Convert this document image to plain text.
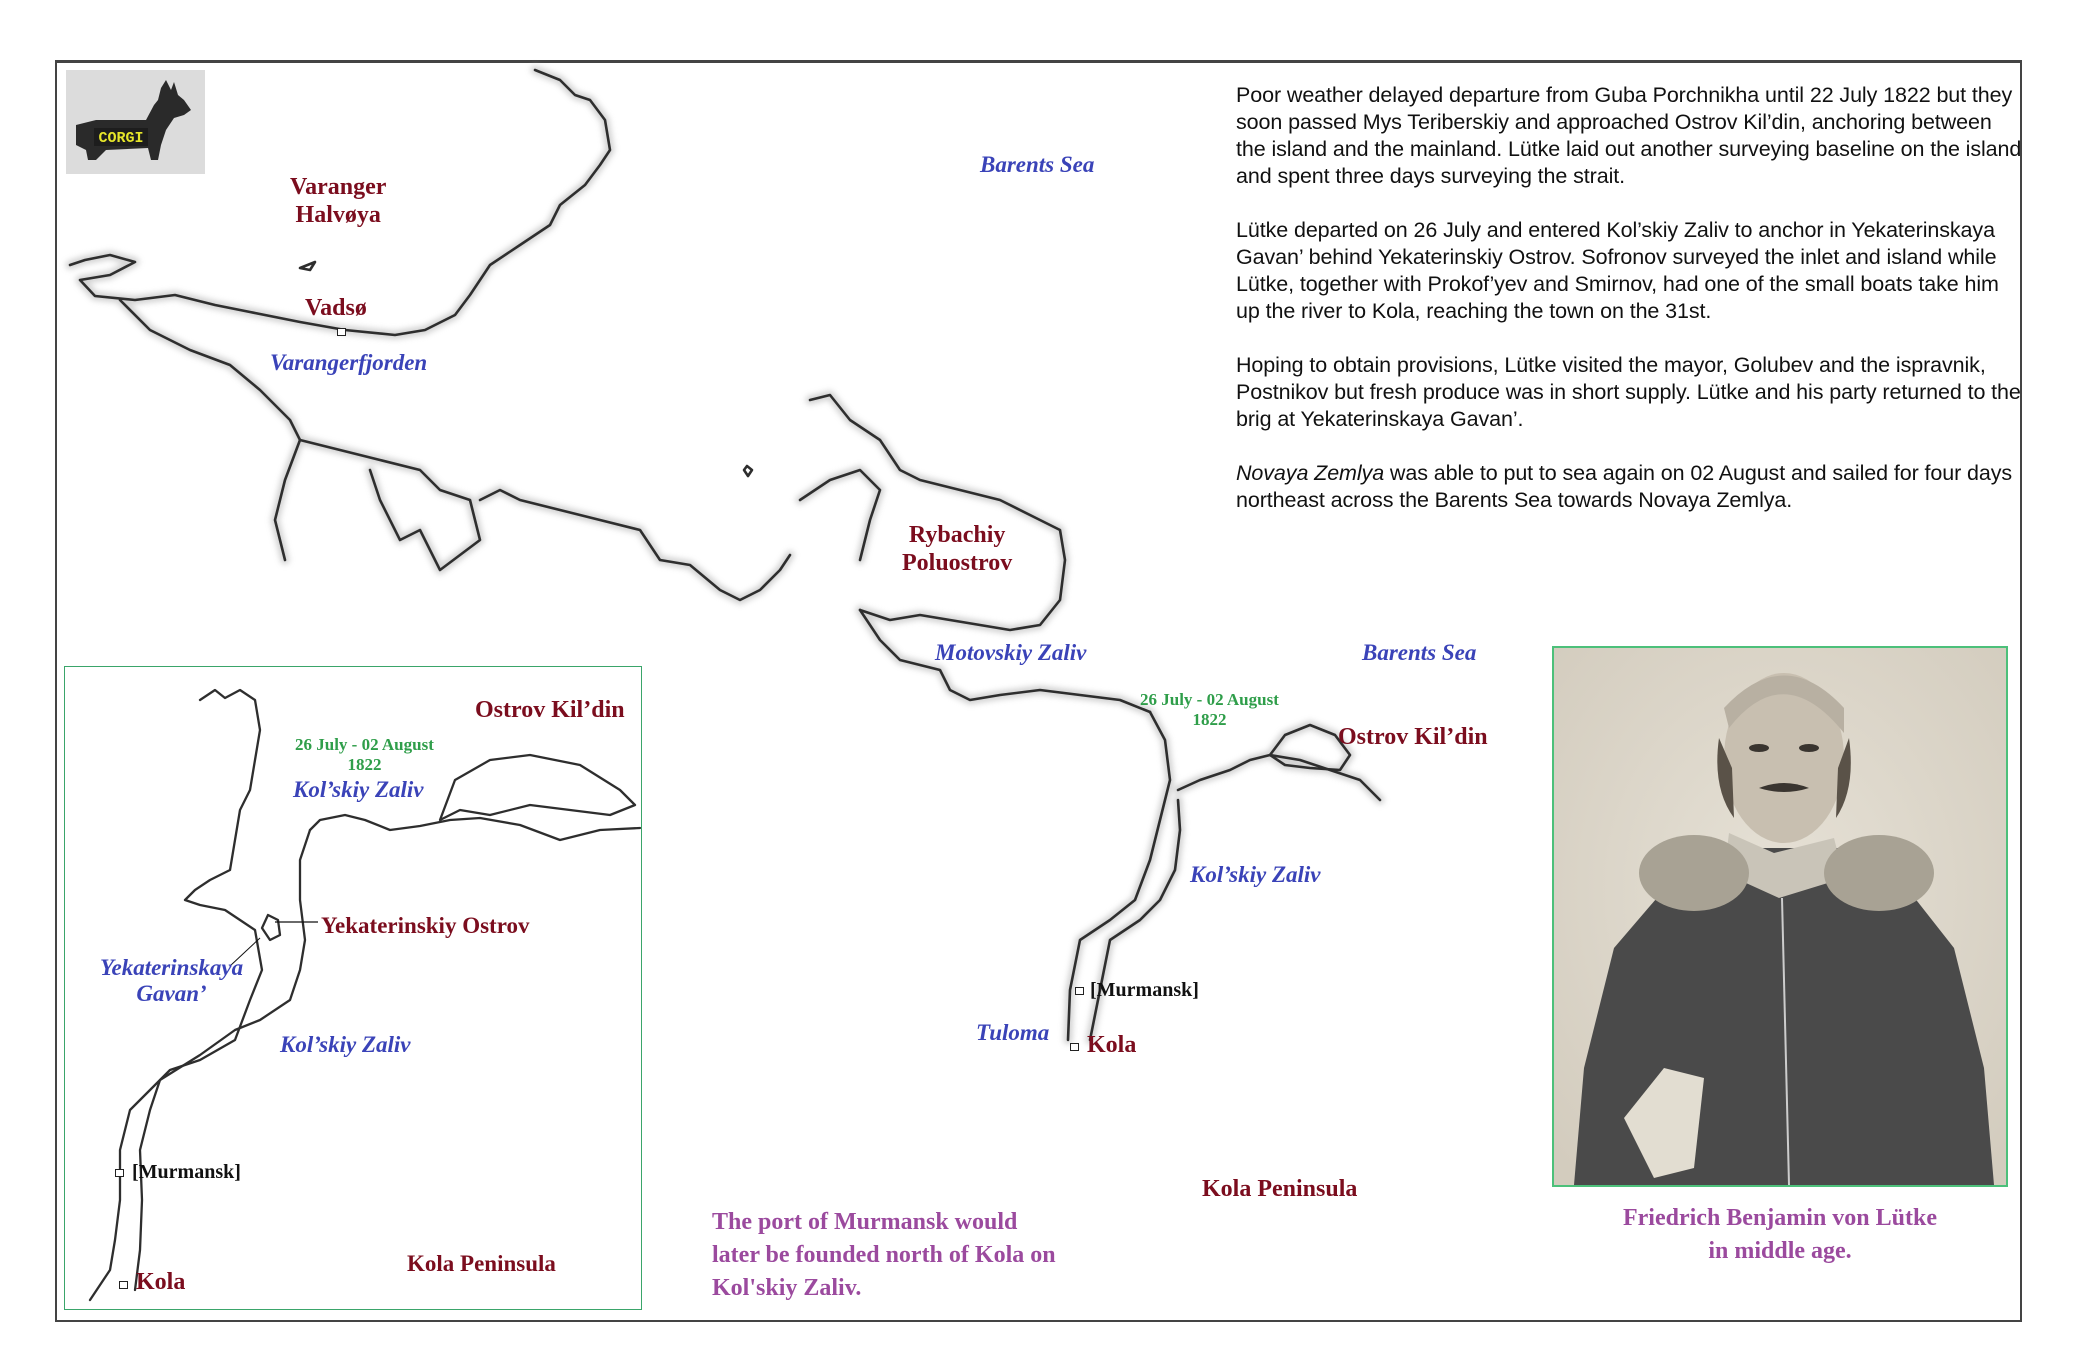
CORGI
Varanger
Halvøya
Vadsø
Varangerfjorden
Barents Sea
Rybachiy
Poluostrov
Motovskiy Zaliv	Barents Sea
26 July - 02 August
1822
Ostrov Kil’din
Kol’skiy Zaliv
[Murmansk]
Tuloma Kola
Kola Peninsula
The port of Murmansk would later be founded north of Kola on Kol'skiy Zaliv.
Ostrov Kil’din
26 July - 02 August
1822
Kol’skiy Zaliv
Yekaterinskiy Ostrov
Yekaterinskaya
Gavan’
Kol’skiy Zaliv
[Murmansk]
Kola
Kola Peninsula

Poor weather delayed departure from Guba Porchnikha until 22 July 1822 but they soon passed Mys Teriberskiy and approached Ostrov Kil’din, anchoring between the island and the mainland. Lütke laid out another surveying baseline on the island and spent three days surveying the strait.

Lütke departed on 26 July and entered Kol’skiy Zaliv to anchor in Yekaterinskaya Gavan’ behind Yekaterinskiy Ostrov. Sofronov surveyed the inlet and island while Lütke, together with Prokof’yev and Smirnov, had one of the small boats take him up the river to Kola, reaching the town on the 31st.

Hoping to obtain provisions, Lütke visited the mayor, Golubev and the ispravnik, Postnikov but fresh produce was in short supply. Lütke and his party returned to the brig at Yekaterinskaya Gavan’.

Novaya Zemlya was able to put to sea again on 02 August and sailed for four days northeast across the Barents Sea towards Novaya Zemlya.

Friedrich Benjamin von Lütke
in middle age.
